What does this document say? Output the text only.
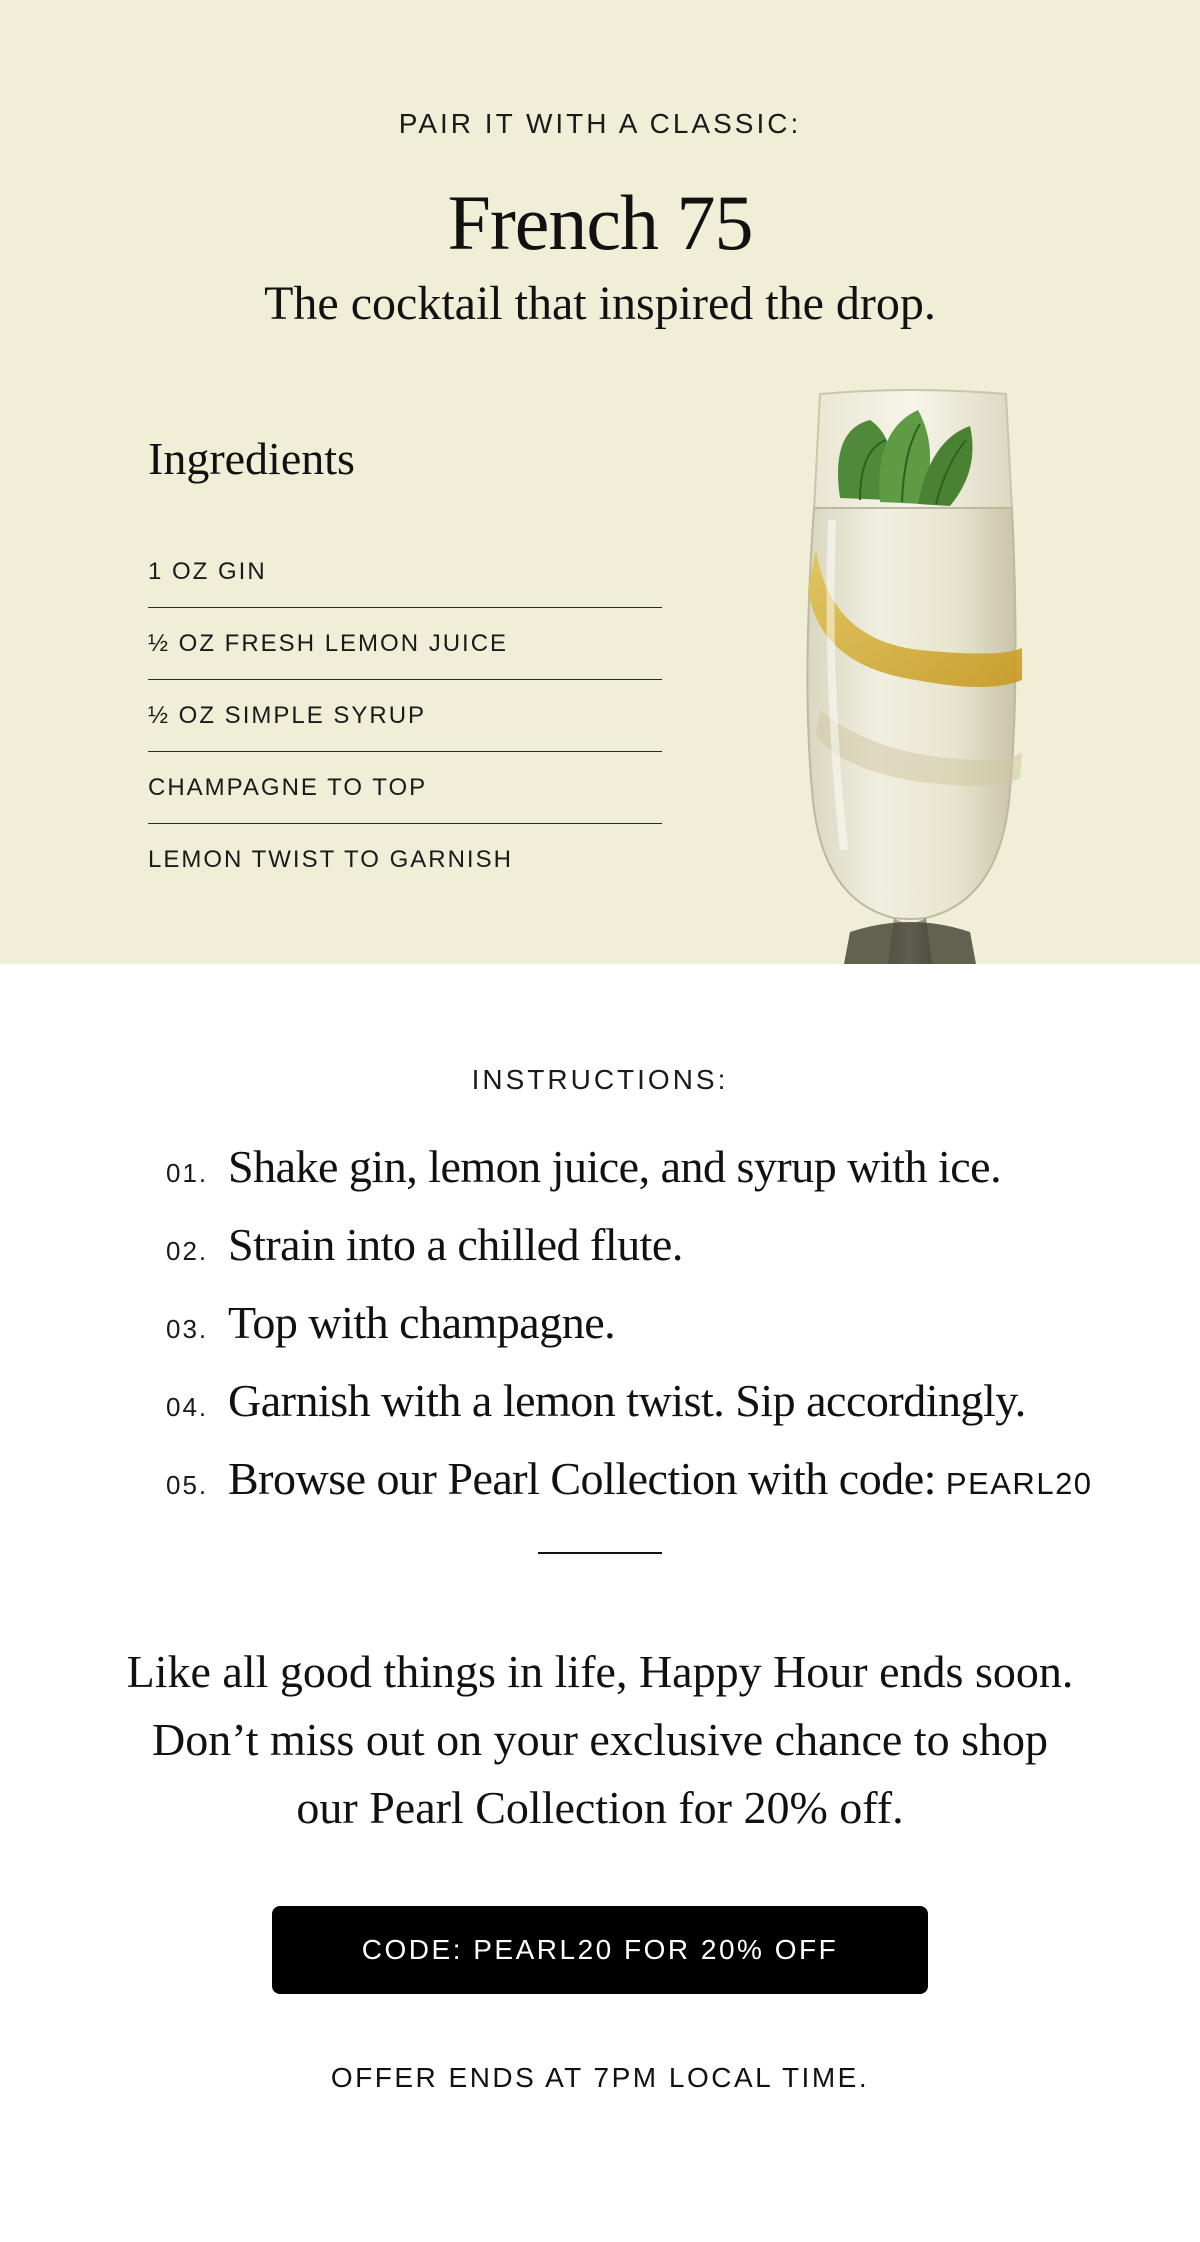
PAIR IT WITH A CLASSIC:
French 75
The cocktail that inspired the drop.
Ingredients
1 OZ GIN
½ OZ FRESH LEMON JUICE
½ OZ SIMPLE SYRUP
CHAMPAGNE TO TOP
LEMON TWIST TO GARNISH
INSTRUCTIONS:
01. Shake gin, lemon juice, and syrup with ice.
02. Strain into a chilled flute.
03. Top with champagne.
04. Garnish with a lemon twist. Sip accordingly.
05. Browse our Pearl Collection with code: PEARL20

Like all good things in life, Happy Hour ends soon. Don’t miss out on your exclusive chance to shop our Pearl Collection for 20% off.

CODE: PEARL20 FOR 20% OFF
OFFER ENDS AT 7PM LOCAL TIME.
